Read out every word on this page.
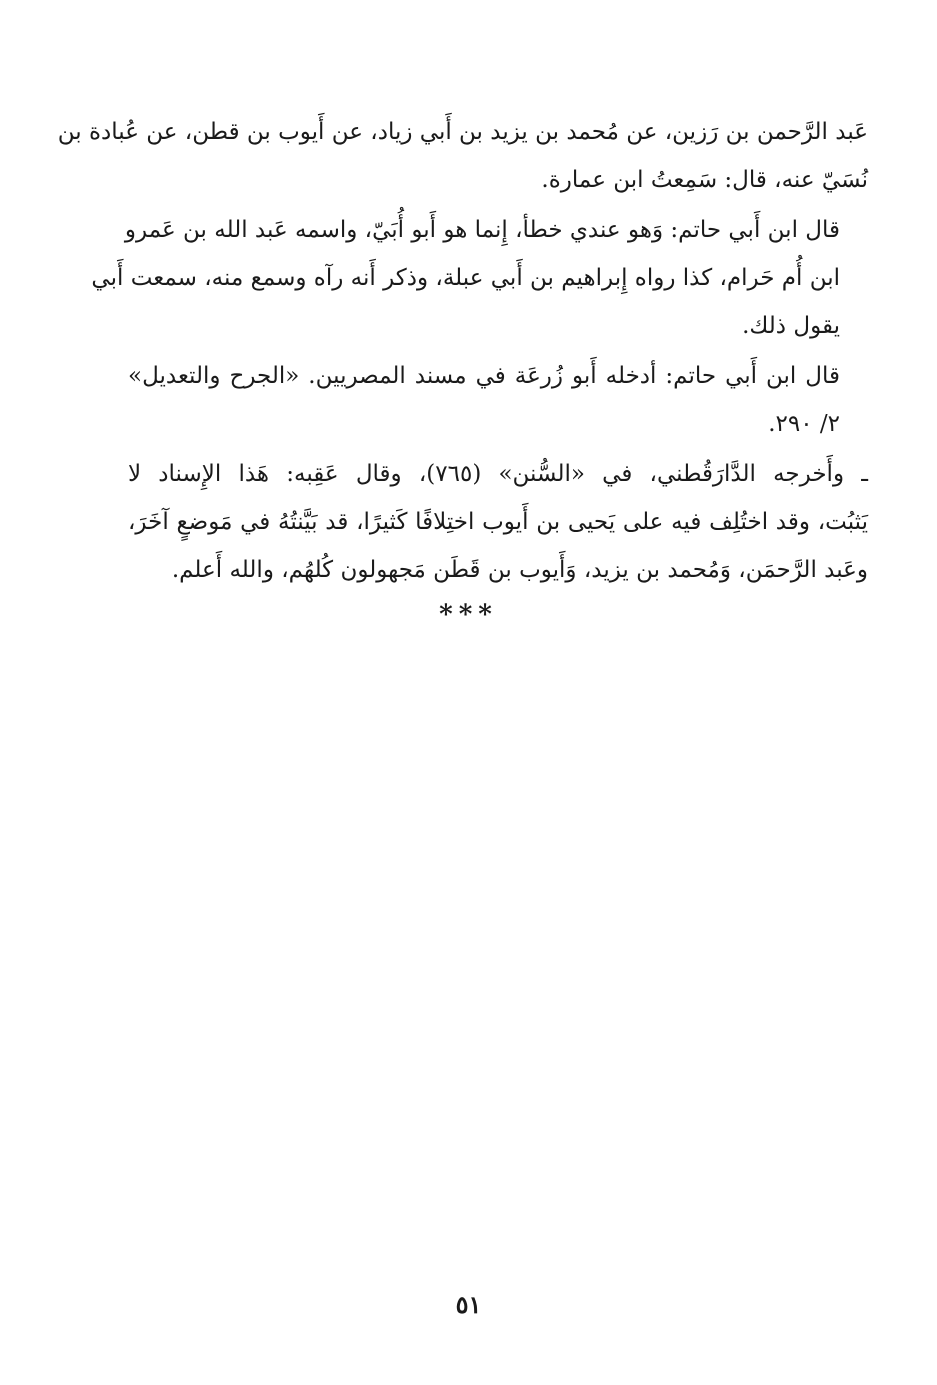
عَبد الرَّحمن بن رَزين، عن مُحمد بن يزيد بن أَبي زياد، عن أَيوب بن قطن، عن عُبادة بن
نُسَيّ عنه، قال: سَمِعتُ ابن عمارة.

قال ابن أَبي حاتم: وَهو عندي خطأ، إِنما هو أَبو أُبَيّ، واسمه عَبد الله بن عَمرو
ابن أُم حَرام، كذا رواه إِبراهيم بن أَبي عبلة، وذكر أَنه رآه وسمع منه، سمعت أَبي
يقول ذلك.

قال ابن أَبي حاتم: أدخله أَبو زُرعَة في مسند المصريين. «الجرح والتعديل»
٢/ ٢٩٠.

ـ وأَخرجه الدَّارَقُطني، في «السُّنن» (٧٦٥)، وقال عَقِبه: هَذا الإِسناد لا
يَثبُت، وقد اختُلِف فيه على يَحيى بن أَيوب اختِلافًا كَثيرًا، قد بَيَّنتُهُ في مَوضعٍ آخَرَ،
وعَبد الرَّحمَن، وَمُحمد بن يزيد، وَأَيوب بن قَطَن مَجهولون كُلهُم، والله أَعلم.

***
٥١
